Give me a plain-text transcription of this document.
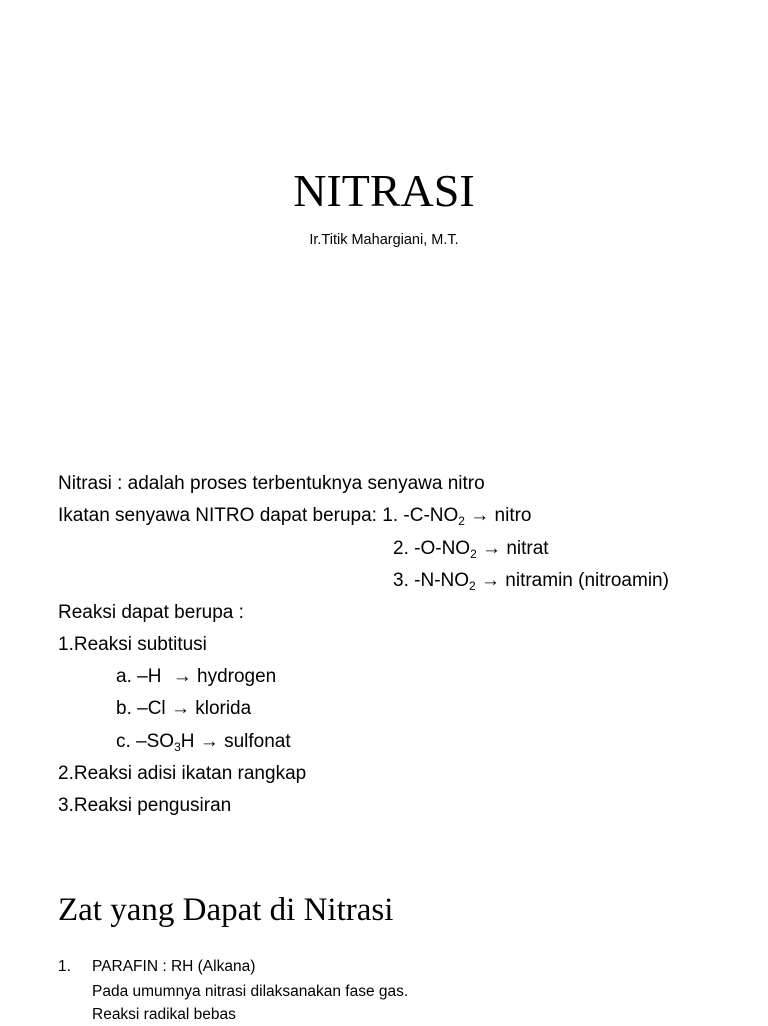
NITRASI
Ir.Titik Mahargiani, M.T.
Nitrasi : adalah proses terbentuknya senyawa nitro
Ikatan senyawa NITRO dapat berupa: 1. $-C-NO_2$ → nitro
2. $-O-NO_2$ → nitrat
3. $-N-NO_2$ → nitramin (nitroamin)
Reaksi dapat berupa :
1.Reaksi subtitusi
a. –H → hydrogen
b. –Cl → klorida
c. $-SO_3H$ → sulfonat
2.Reaksi adisi ikatan rangkap
3.Reaksi pengusiran
Zat yang Dapat di Nitrasi
1. PARAFIN : RH (Alkana)
Pada umumnya nitrasi dilaksanakan fase gas.
Reaksi radikal bebas
